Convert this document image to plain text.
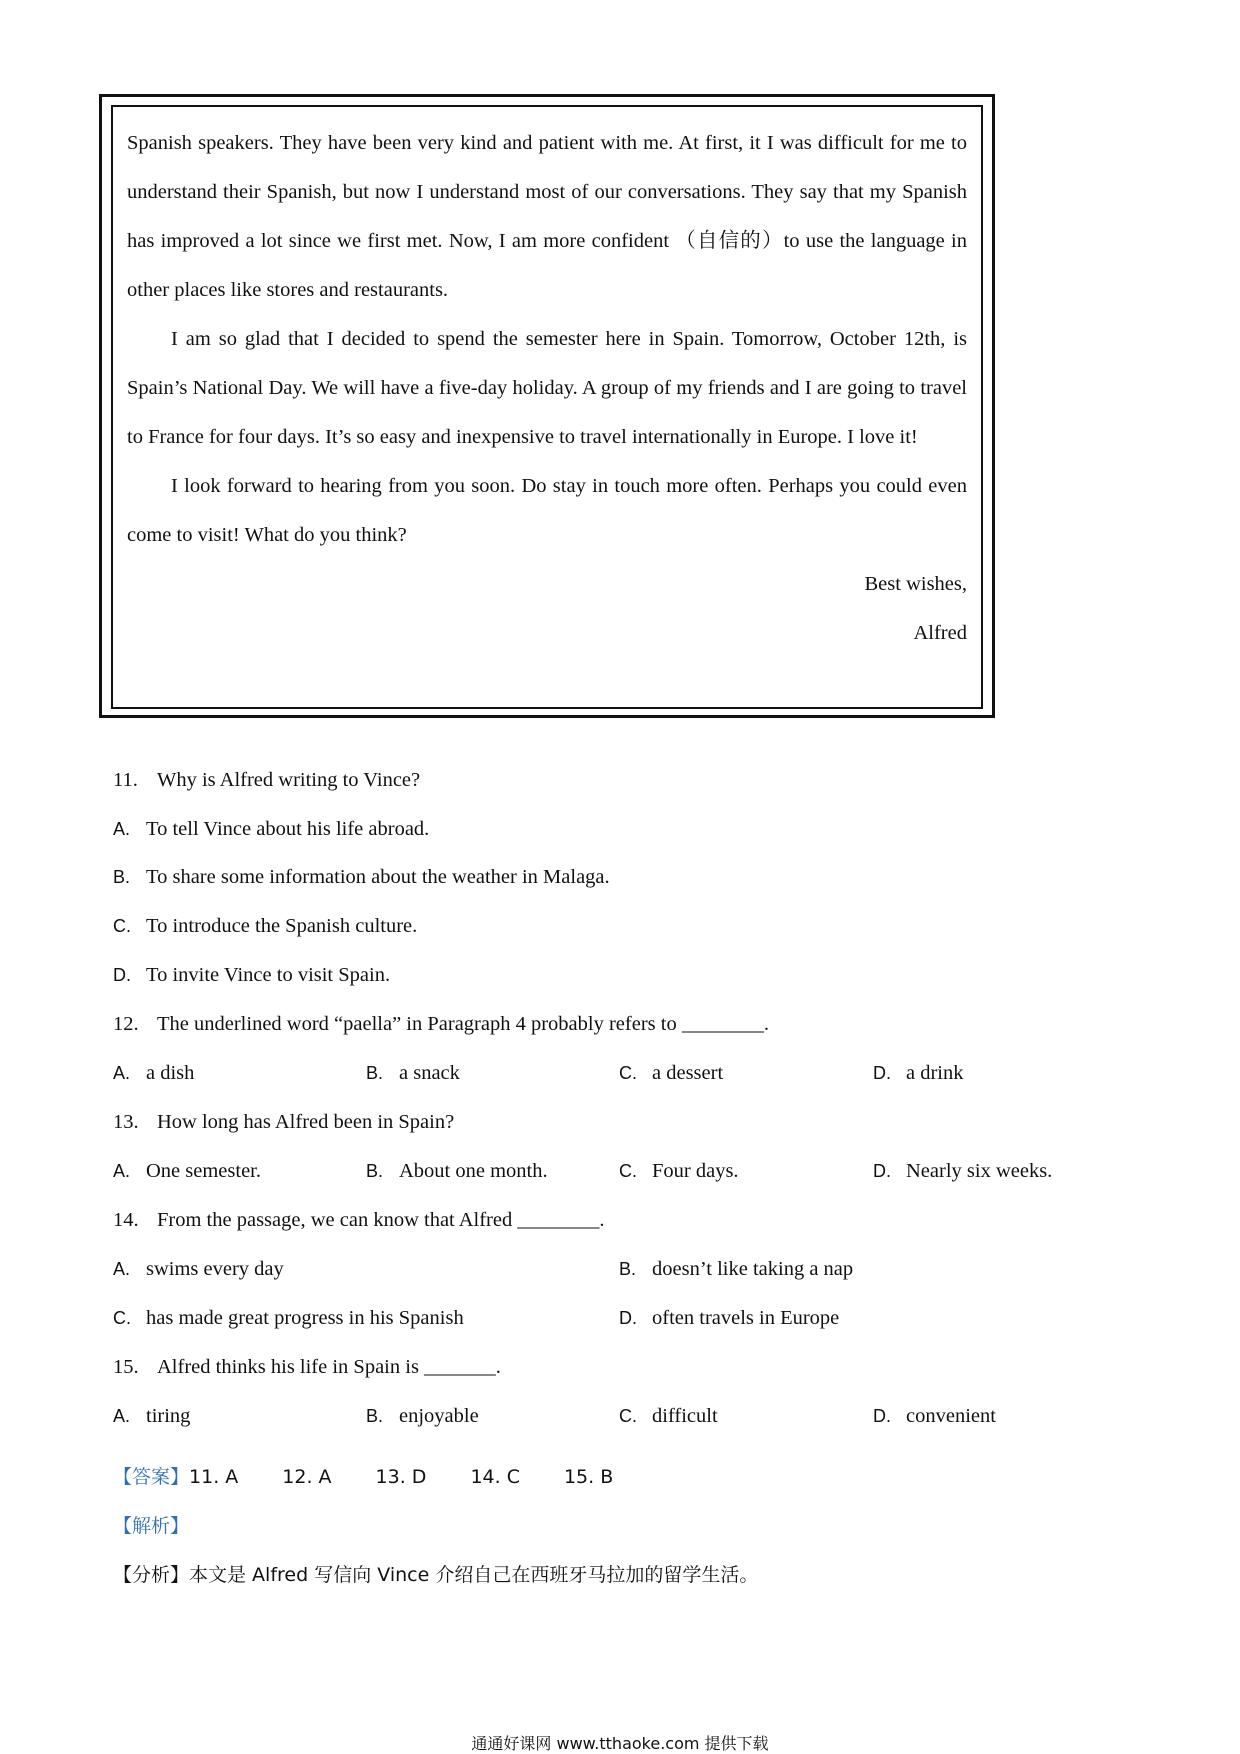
Spanish speakers. They have been very kind and patient with me. At first, it I was difficult for me to understand their Spanish, but now I understand most of our conversations. They say that my Spanish has improved a lot since we first met. Now, I am more confident （自信的）to use the language in other places like stores and restaurants.

I am so glad that I decided to spend the semester here in Spain. Tomorrow, October 12th, is Spain’s National Day. We will have a five-day holiday. A group of my friends and I are going to travel to France for four days. It’s so easy and inexpensive to travel internationally in Europe. I love it!

I look forward to hearing from you soon. Do stay in touch more often. Perhaps you could even come to visit! What do you think?

Best wishes,

Alfred

11. Why is Alfred writing to Vince?
A. To tell Vince about his life abroad.
B. To share some information about the weather in Malaga.
C. To introduce the Spanish culture.
D. To invite Vince to visit Spain.
12. The underlined word “paella” in Paragraph 4 probably refers to ________.
A. a dish	B. a snack	C. a dessert	D. a drink
13. How long has Alfred been in Spain?
A. One semester.	B. About one month.	C. Four days.	D. Nearly six weeks.
14. From the passage, we can know that Alfred ________.
A. swims every day	B. doesn’t like taking a nap
C. has made great progress in his Spanish	D. often travels in Europe
15. Alfred thinks his life in Spain is _______.
A. tiring	B. enjoyable	C. difficult	D. convenient
【答案】11. A 12. A 13. D 14. C 15. B
【解析】
【分析】本文是 Alfred 写信向 Vince 介绍自己在西班牙马拉加的留学生活。
通通好课网 www.tthaoke.com 提供下载
